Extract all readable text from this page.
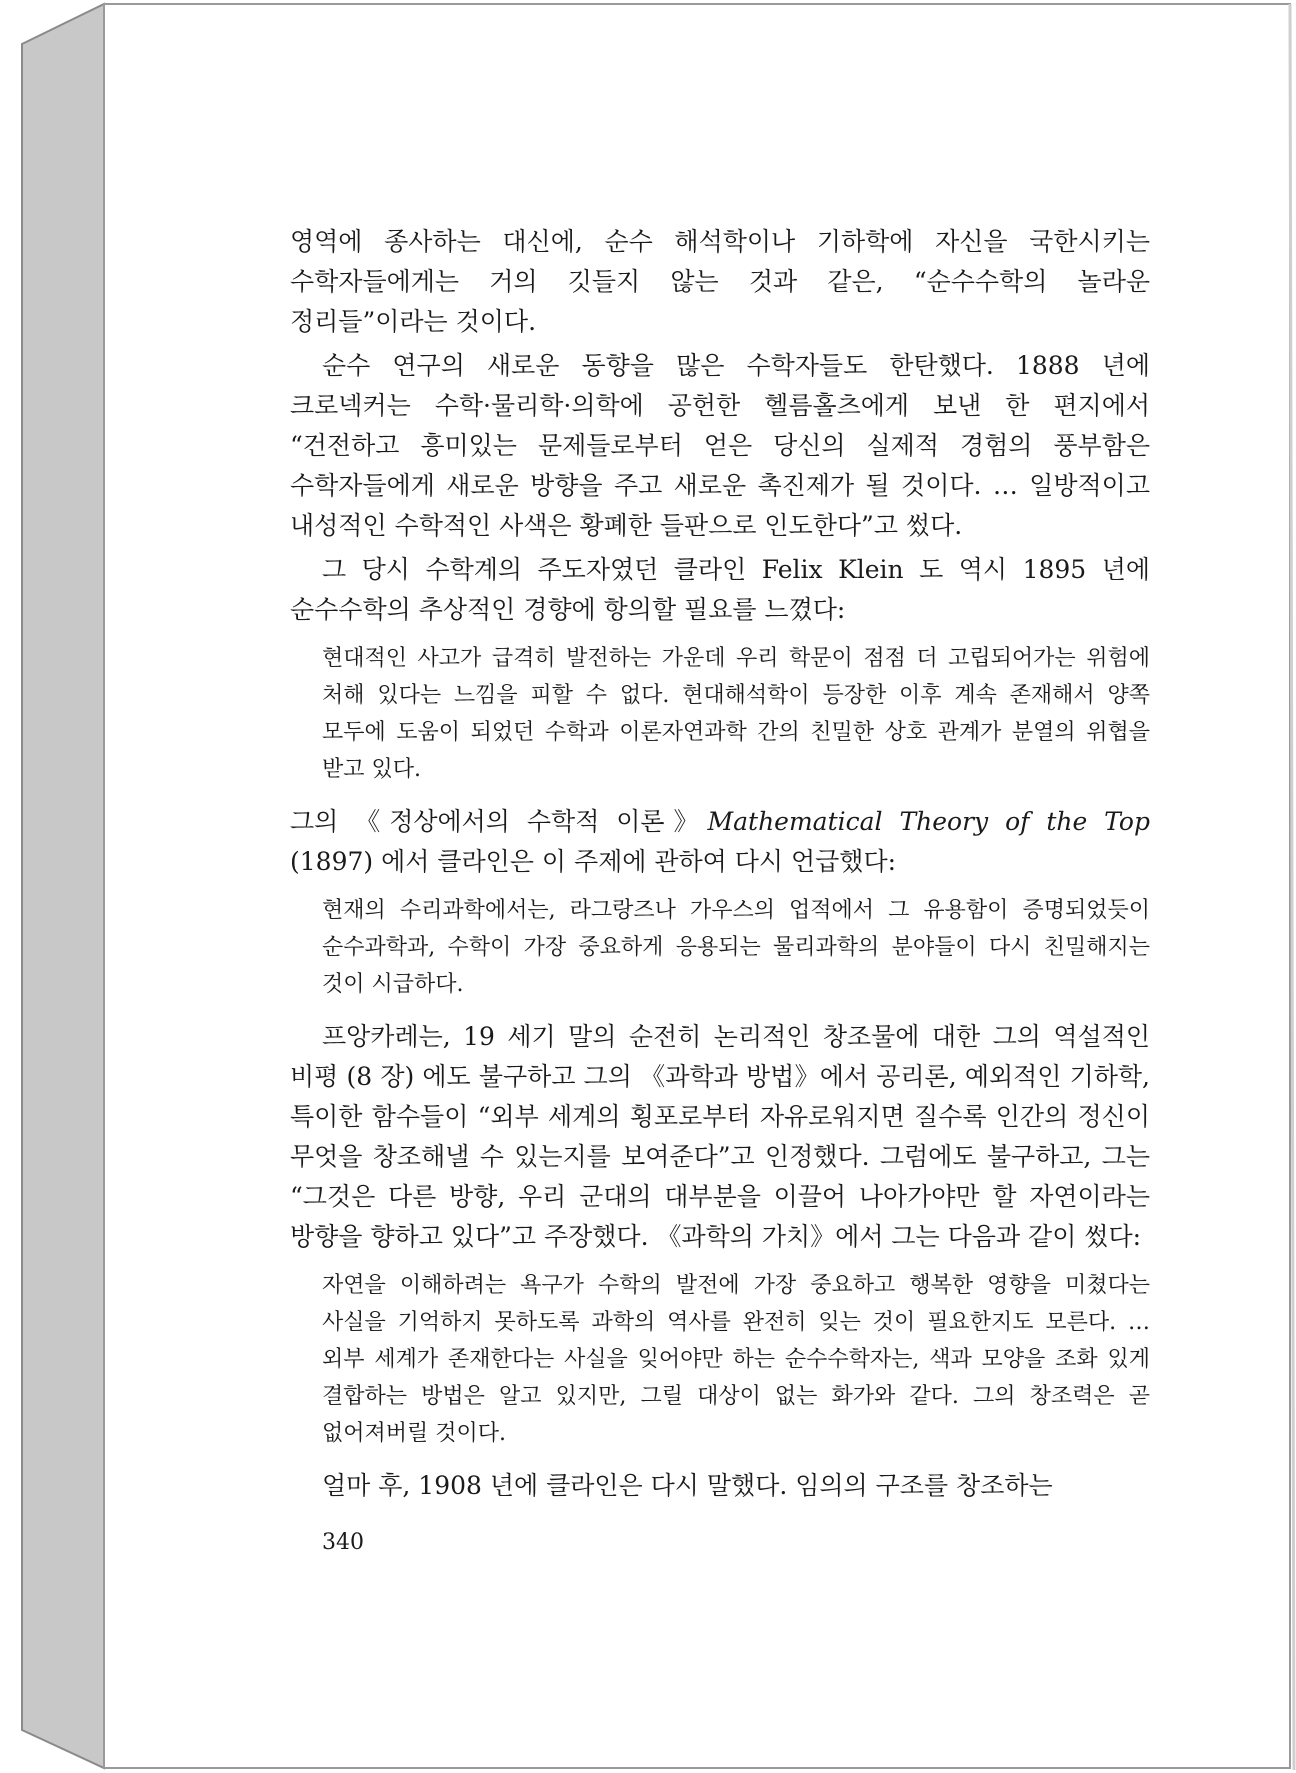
영역에 종사하는 대신에, 순수 해석학이나 기하학에 자신을 국한시키는 수학자들에게는 거의 깃들지 않는 것과 같은, “순수수학의 놀라운 정리들”이라는 것이다.

순수 연구의 새로운 동향을 많은 수학자들도 한탄했다. 1888 년에 크로넥커는 수학·물리학·의학에 공헌한 헬름홀츠에게 보낸 한 편지에서 “건전하고 흥미있는 문제들로부터 얻은 당신의 실제적 경험의 풍부함은 수학자들에게 새로운 방향을 주고 새로운 촉진제가 될 것이다. … 일방적이고 내성적인 수학적인 사색은 황폐한 들판으로 인도한다”고 썼다.

그 당시 수학계의 주도자였던 클라인 Felix Klein 도 역시 1895 년에 순수수학의 추상적인 경향에 항의할 필요를 느꼈다:

현대적인 사고가 급격히 발전하는 가운데 우리 학문이 점점 더 고립되어가는 위험에 처해 있다는 느낌을 피할 수 없다. 현대해석학이 등장한 이후 계속 존재해서 양쪽 모두에 도움이 되었던 수학과 이론자연과학 간의 친밀한 상호 관계가 분열의 위협을 받고 있다.

그의 《정상에서의 수학적 이론》Mathematical Theory of the Top (1897) 에서 클라인은 이 주제에 관하여 다시 언급했다:

현재의 수리과학에서는, 라그랑즈나 가우스의 업적에서 그 유용함이 증명되었듯이 순수과학과, 수학이 가장 중요하게 응용되는 물리과학의 분야들이 다시 친밀해지는 것이 시급하다.

프앙카레는, 19 세기 말의 순전히 논리적인 창조물에 대한 그의 역설적인 비평 (8 장) 에도 불구하고 그의 《과학과 방법》에서 공리론, 예외적인 기하학, 특이한 함수들이 “외부 세계의 횡포로부터 자유로워지면 질수록 인간의 정신이 무엇을 창조해낼 수 있는지를 보여준다”고 인정했다. 그럼에도 불구하고, 그는 “그것은 다른 방향, 우리 군대의 대부분을 이끌어 나아가야만 할 자연이라는 방향을 향하고 있다”고 주장했다. 《과학의 가치》에서 그는 다음과 같이 썼다:

자연을 이해하려는 욕구가 수학의 발전에 가장 중요하고 행복한 영향을 미쳤다는 사실을 기억하지 못하도록 과학의 역사를 완전히 잊는 것이 필요한지도 모른다. … 외부 세계가 존재한다는 사실을 잊어야만 하는 순수수학자는, 색과 모양을 조화 있게 결합하는 방법은 알고 있지만, 그릴 대상이 없는 화가와 같다. 그의 창조력은 곧 없어져버릴 것이다.

얼마 후, 1908 년에 클라인은 다시 말했다. 임의의 구조를 창조하는

340
